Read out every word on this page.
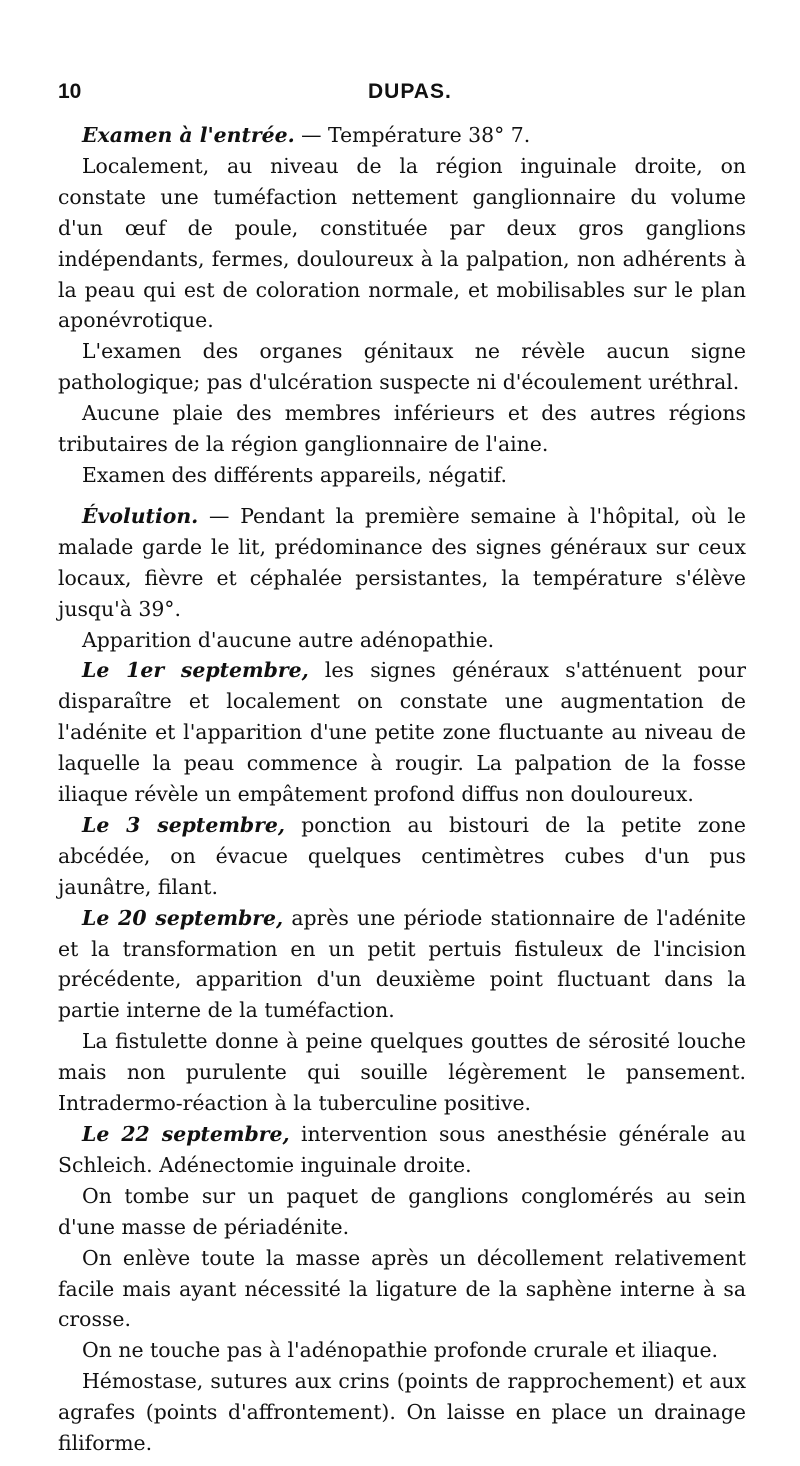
10	DUPAS.

Examen à l'entrée. — Température 38° 7.

Localement, au niveau de la région inguinale droite, on constate une tuméfaction nettement ganglionnaire du volume d'un œuf de poule, constituée par deux gros ganglions indépendants, fermes, douloureux à la palpation, non adhérents à la peau qui est de coloration normale, et mobilisables sur le plan aponévrotique.

L'examen des organes génitaux ne révèle aucun signe pathologique; pas d'ulcération suspecte ni d'écoulement uréthral.

Aucune plaie des membres inférieurs et des autres régions tributaires de la région ganglionnaire de l'aine.

Examen des différents appareils, négatif.

Évolution. — Pendant la première semaine à l'hôpital, où le malade garde le lit, prédominance des signes généraux sur ceux locaux, fièvre et céphalée persistantes, la température s'élève jusqu'à 39°.

Apparition d'aucune autre adénopathie.

Le 1er septembre, les signes généraux s'atténuent pour disparaître et localement on constate une augmentation de l'adénite et l'apparition d'une petite zone fluctuante au niveau de laquelle la peau commence à rougir. La palpation de la fosse iliaque révèle un empâtement profond diffus non douloureux.

Le 3 septembre, ponction au bistouri de la petite zone abcédée, on évacue quelques centimètres cubes d'un pus jaunâtre, filant.

Le 20 septembre, après une période stationnaire de l'adénite et la transformation en un petit pertuis fistuleux de l'incision précédente, apparition d'un deuxième point fluctuant dans la partie interne de la tuméfaction.

La fistulette donne à peine quelques gouttes de sérosité louche mais non purulente qui souille légèrement le pansement. Intradermo-réaction à la tuberculine positive.

Le 22 septembre, intervention sous anesthésie générale au Schleich. Adénectomie inguinale droite.

On tombe sur un paquet de ganglions conglomérés au sein d'une masse de périadénite.

On enlève toute la masse après un décollement relativement facile mais ayant nécessité la ligature de la saphène interne à sa crosse.

On ne touche pas à l'adénopathie profonde crurale et iliaque.

Hémostase, sutures aux crins (points de rapprochement) et aux agrafes (points d'affrontement). On laisse en place un drainage filiforme.
